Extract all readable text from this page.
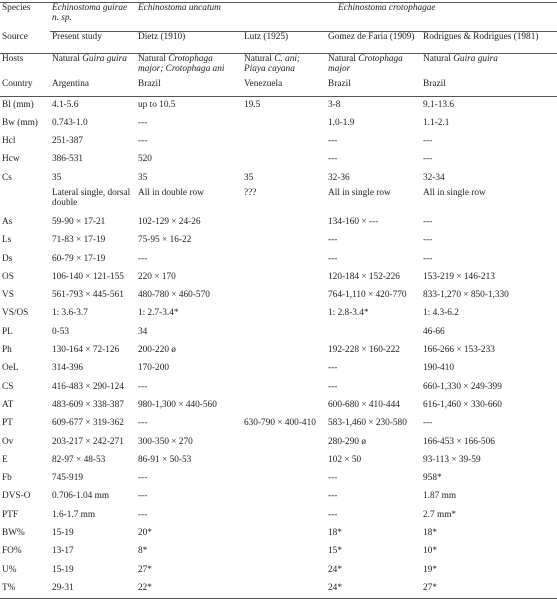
Species	Echinostoma guirae n. sp.	Echinostoma uncatum		Echinostoma crotophagae	
Source	Present study	Dietz (1910)	Lutz (1925)	Gomez de Faria (1909)	Rodrigues & Rodrigues (1981)
Hosts	Natural Guira guira	Natural Crotophaga major; Crotophaga ani	Natural C. ani; Piaya cayana	Natural Crotophaga major	Natural Guira guira
Country	Argentina	Brazil	Venezuela	Brazil	Brazil
Bl (mm)	4.1-5.6	up to 10.5	19.5	3-8	9.1-13.6
Bw (mm)	0.743-1.0	---		1.0-1.9	1.1-2.1
Hcl	251-387	---		---	---
Hcw	386-531	520		---	---
Cs	35	35	35	32-36	32-34
	Lateral single, dorsal double	All in double row	???	All in single row	All in single row
As	59-90 × 17-21	102-129 × 24-26		134-160 × ---	---
Ls	71-83 × 17-19	75-95 × 16-22		---	---
Ds	60-79 × 17-19	---		---	---
OS	106-140 × 121-155	220 × 170		120-184 × 152-226	153-219 × 146-213
VS	561-793 × 445-561	480-780 × 460-570		764-1,110 × 420-770	833-1,270 × 850-1,330
VS/OS	1: 3.6-3.7	1: 2.7-3.4*		1: 2.8-3.4*	1: 4.3-6.2
PL	0-53	34			46-66
Ph	130-164 × 72-126	200-220 ø		192-228 × 160-222	166-266 × 153-233
OeL	314-396	170-200		---	190-410
CS	416-483 × 290-124	---		---	660-1,330 × 249-399
AT	483-609 × 338-387	980-1,300 × 440-560		600-680 × 410-444	616-1,460 × 330-660
PT	609-677 × 319-362	---	630-790 × 400-410	583-1,460 × 230-580	---
Ov	203-217 × 242-271	300-350 × 270		280-290 ø	166-453 × 166-506
E	82-97 × 48-53	86-91 × 50-53		102 × 50	93-113 × 39-59
Fb	745-919	---		---	958*
DVS-O	0.706-1.04 mm	---		---	1.87 mm
PTF	1.6-1.7 mm	---		---	2.7 mm*
BW%	15-19	20*		18*	18*
FO%	13-17	8*		15*	10*
U%	15-19	27*		24*	19*
T%	29-31	22*		24*	27*
